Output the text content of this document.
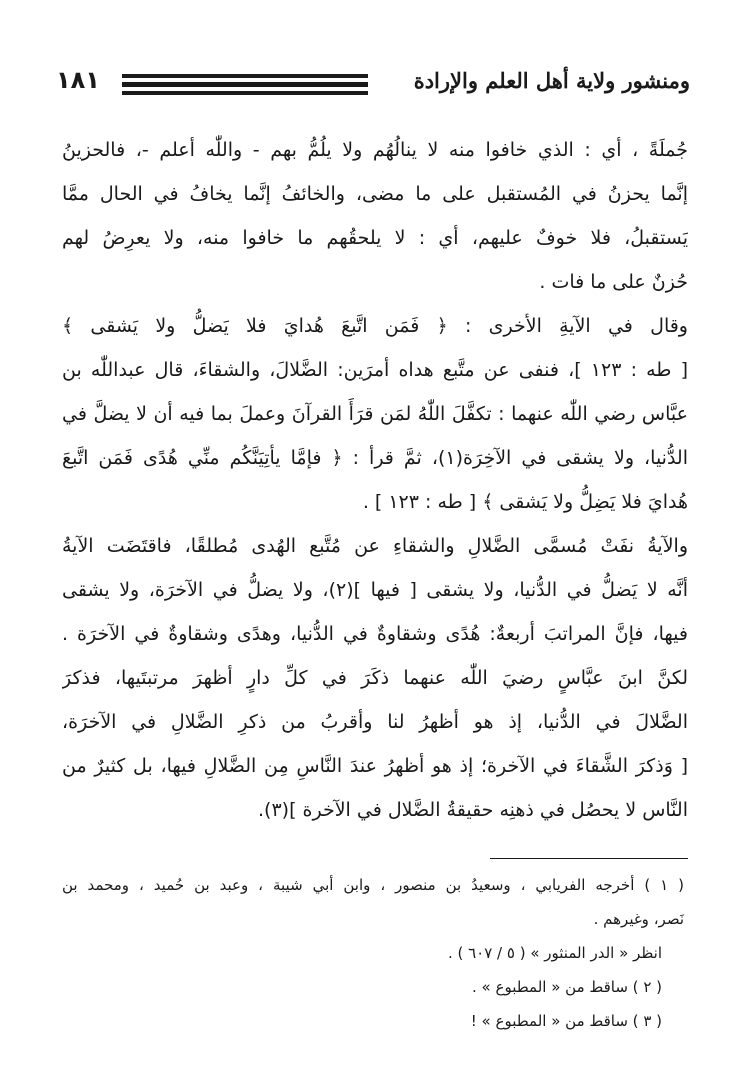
ومنشور ولاية أهل العلم والإرادة
١٨١
جُملَةً ، أي : الذي خافوا منه لا ينالُهُم ولا يلُمُّ بهم - واللّٰه أعلم -، فالحزينُ
إنَّما يحزنُ في المُستقبل على ما مضى، والخائفُ إنَّما يخافُ في الحال ممَّا
يَستقبلُ، فلا خوفٌ عليهم، أي : لا يلحقُهم ما خافوا منه، ولا يعرِضُ لهم
حُزنٌ على ما فات .
وقال في الآيةِ الأخرى : ﴿ فَمَن اتَّبعَ هُدايَ فلا يَضلُّ ولا يَشقى ﴾
[ طه : ١٢٣ ]، فنفى عن متَّبع هداه أمرَين: الضَّلالَ، والشقاءَ، قال عبداللّٰه بن
عبَّاس رضي اللّٰه عنهما : تكفَّلَ اللّٰهُ لمَن قرَأَ القرآنَ وعملَ بما فيه أن لا يضلَّ في
الدُّنيا، ولا يشقى في الآخِرَة(١)، ثمَّ قرأ : ﴿ فإمَّا يأتِيَنَّكُم منِّي هُدًى فَمَن اتَّبعَ
هُدايَ فلا يَضِلُّ ولا يَشقى ﴾ [ طه : ١٢٣ ] .
والآيةُ نفَتْ مُسمَّى الضَّلالِ والشقاءِ عن مُتَّبع الهُدى مُطلقًا، فاقتَضَت الآيةُ
أنَّه لا يَضلُّ في الدُّنيا، ولا يشقى [ فيها ](٢)، ولا يضلُّ في الآخرَة، ولا يشقى
فيها، فإنَّ المراتبَ أربعةٌ: هُدًى وشقاوةٌ في الدُّنيا، وهدًى وشقاوةٌ في الآخرَة .
لكنَّ ابنَ عبَّاسٍ رضيَ اللّٰه عنهما ذكَرَ في كلِّ دارٍ أظهرَ مرتبتَيها، فذكرَ
الضَّلالَ في الدُّنيا، إذ هو أظهرُ لنا وأقربُ من ذكرِ الضَّلالِ في الآخرَة،
[ وَذكرَ الشَّقاءَ في الآخرة؛ إذ هو أظهرُ عندَ النَّاسِ مِن الضَّلالِ فيها، بل كثيرٌ من
النَّاس لا يحصُل في ذهنِه حقيقةُ الضَّلال في الآخرة ](٣).
( ١ ) أخرجه الفريابي ، وسعيدُ بن منصور ، وابن أبي شيبة ، وعبد بن حُميد ، ومحمد بن
نَصر، وغيرهم .
انظر « الدر المنثور » ( ٥ / ٦٠٧ ) .
( ٢ ) ساقط من « المطبوع » .
( ٣ ) ساقط من « المطبوع » !
